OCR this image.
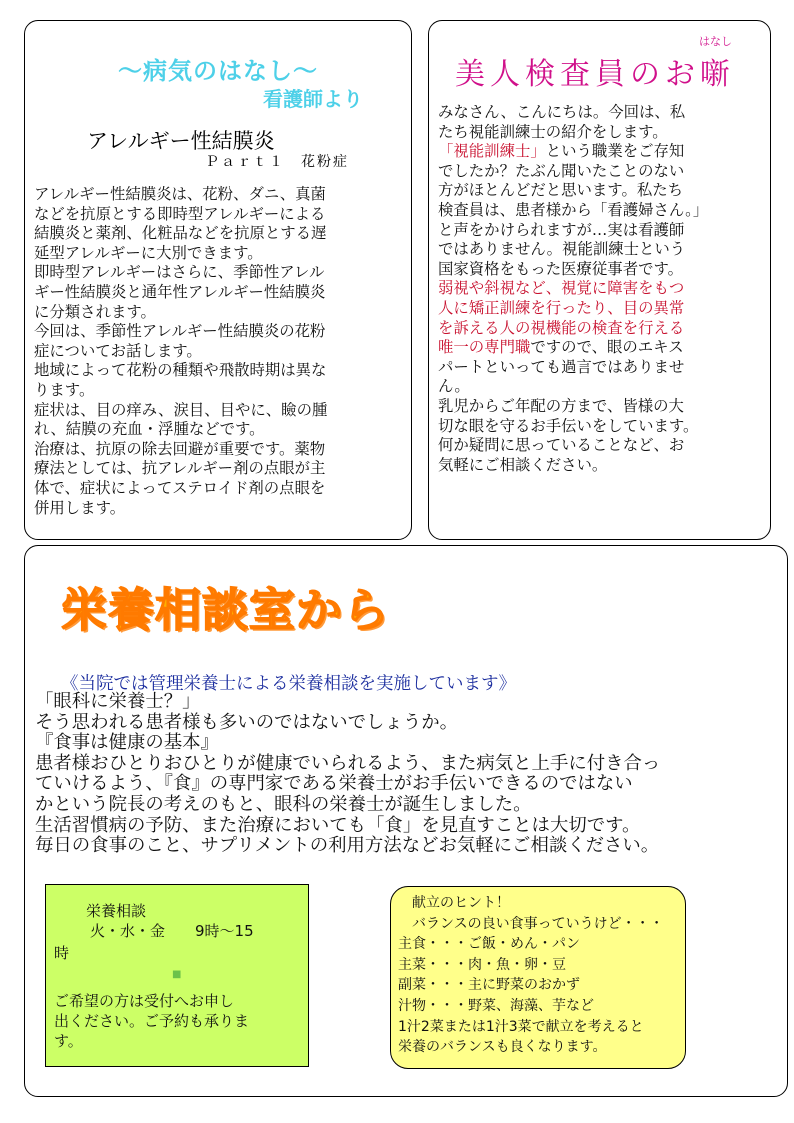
～病気のはなし～
看護師より
アレルギー性結膜炎
Ｐａｒｔ１　花粉症

アレルギー性結膜炎は、花粉、ダニ、真菌
などを抗原とする即時型アレルギーによる
結膜炎と薬剤、化粧品などを抗原とする遅
延型アレルギーに大別できます。

即時型アレルギーはさらに、季節性アレル
ギー性結膜炎と通年性アレルギー性結膜炎
に分類されます。

今回は、季節性アレルギー性結膜炎の花粉
症についてお話します。

地域によって花粉の種類や飛散時期は異な
ります。

症状は、目の痒み、涙目、目やに、瞼の腫
れ、結膜の充血・浮腫などです。

治療は、抗原の除去回避が重要です。薬物
療法としては、抗アレルギー剤の点眼が主
体で、症状によってステロイド剤の点眼を
併用します。

はなし
美人検査員のお噺

みなさん、こんにちは。今回は、私
たち視能訓練士の紹介をします。
「視能訓練士」という職業をご存知
でしたか？たぶん聞いたことのない
方がほとんどだと思います。私たち
検査員は、患者様から「看護婦さん。」
と声をかけられますが…実は看護師
ではありません。視能訓練士という
国家資格をもった医療従事者です。
弱視や斜視など、視覚に障害をもつ
人に矯正訓練を行ったり、目の異常
を訴える人の視機能の検査を行える
唯一の専門職ですので、眼のエキス
パートといっても過言ではありませ
ん。

乳児からご年配の方まで、皆様の大
切な眼を守るお手伝いをしています。
何か疑問に思っていることなど、お
気軽にご相談ください。

栄養相談室から
《当院では管理栄養士による栄養相談を実施しています》

「眼科に栄養士？」
そう思われる患者様も多いのではないでしょうか。
『食事は健康の基本』
患者様おひとりおひとりが健康でいられるよう、また病気と上手に付き合っ
ていけるよう、『食』の専門家である栄養士がお手伝いできるのではない
かという院長の考えのもと、眼科の栄養士が誕生しました。
生活習慣病の予防、また治療においても「食」を見直すことは大切です。
毎日の食事のこと、サプリメントの利用方法などお気軽にご相談ください。

栄養相談
火・水・金　　9時～15
時
■

ご希望の方は受付へお申し
出ください。ご予約も承りま
す。

　献立のヒント！
　バランスの良い食事っていうけど・・・
主食・・・ご飯・めん・パン
主菜・・・肉・魚・卵・豆
副菜・・・主に野菜のおかず
汁物・・・野菜、海藻、芋など
1汁2菜または1汁3菜で献立を考えると
栄養のバランスも良くなります。
